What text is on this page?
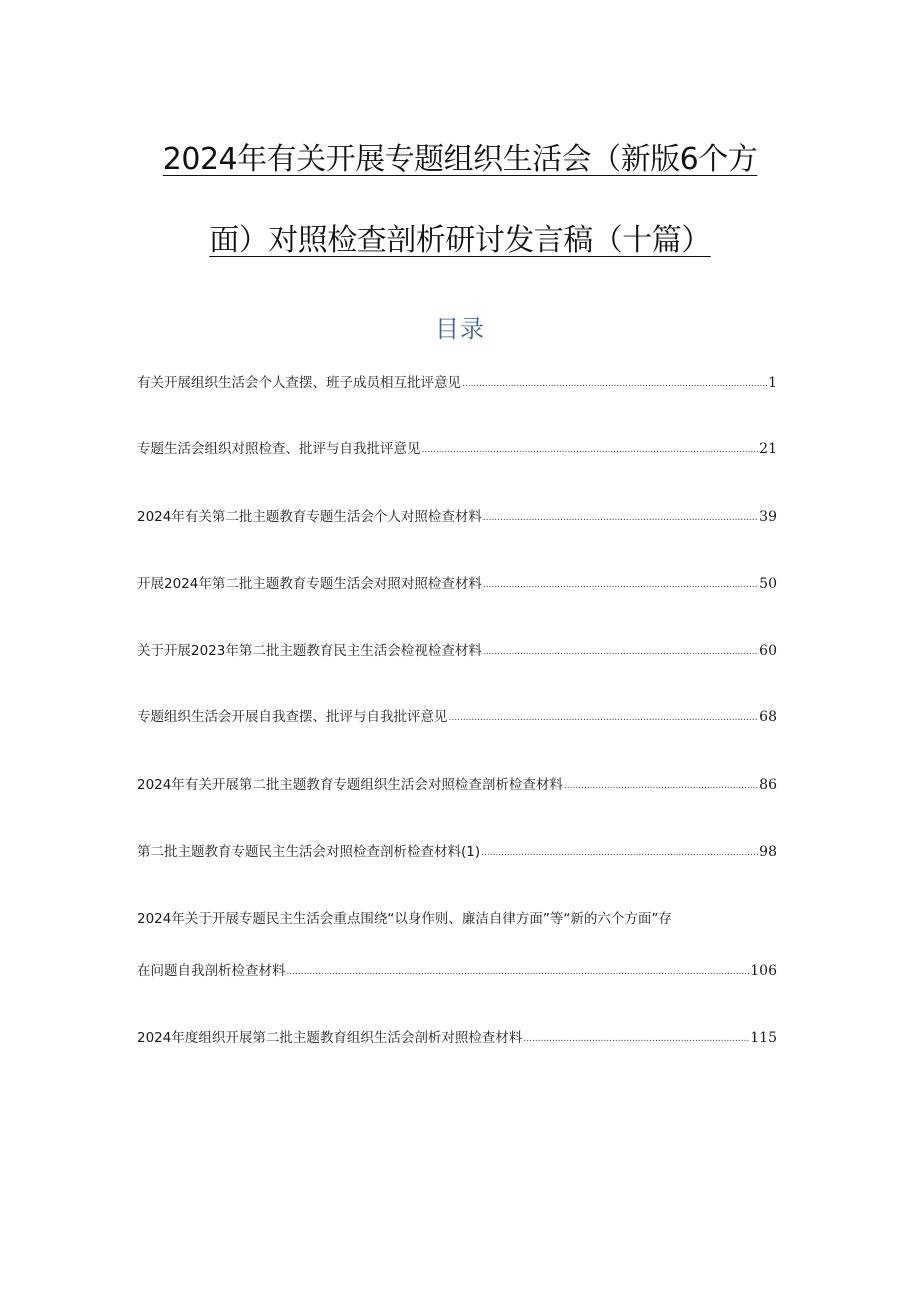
2024年有关开展专题组织生活会（新版6个方
面）对照检查剖析研讨发言稿（十篇）
目录
有关开展组织生活会个人查摆、班子成员相互批评意见 .....	1
专题生活会组织对照检查、批评与自我批评意见 .....	21
2024年有关第二批主题教育专题生活会个人对照检查材料 .....	39
开展2024年第二批主题教育专题生活会对照对照检查材料 .....	50
关于开展2023年第二批主题教育民主生活会检视检查材料 .....	60
专题组织生活会开展自我查摆、批评与自我批评意见 .....	68
2024年有关开展第二批主题教育专题组织生活会对照检查剖析检查材料 .....	86
第二批主题教育专题民主生活会对照检查剖析检查材料(1) .....	98
2024年关于开展专题民主生活会重点围绕“以身作则、廉洁自律方面”等“新的六个方面”存
在问题自我剖析检查材料 .....	106
2024年度组织开展第二批主题教育组织生活会剖析对照检查材料 .....	115
